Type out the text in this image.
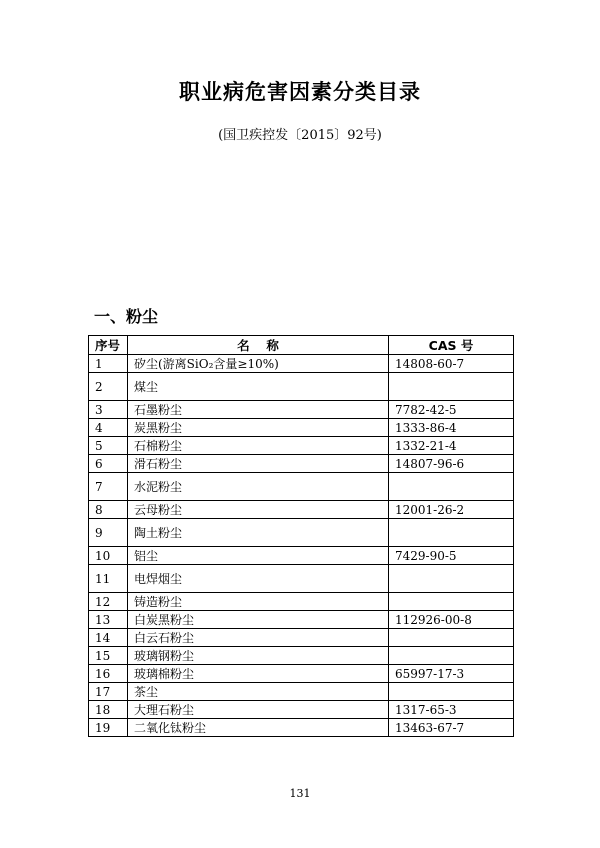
职业病危害因素分类目录
(国卫疾控发〔2015〕92号)
一、粉尘
序号	名　 称	CAS 号
1	矽尘(游离SiO₂含量≥10%)	14808-60-7
2	煤尘	
3	石墨粉尘	7782-42-5
4	炭黑粉尘	1333-86-4
5	石棉粉尘	1332-21-4
6	滑石粉尘	14807-96-6
7	水泥粉尘	
8	云母粉尘	12001-26-2
9	陶土粉尘	
10	铝尘	7429-90-5
11	电焊烟尘	
12	铸造粉尘	
13	白炭黑粉尘	112926-00-8
14	白云石粉尘	
15	玻璃钢粉尘	
16	玻璃棉粉尘	65997-17-3
17	茶尘	
18	大理石粉尘	1317-65-3
19	二氧化钛粉尘	13463-67-7
131
